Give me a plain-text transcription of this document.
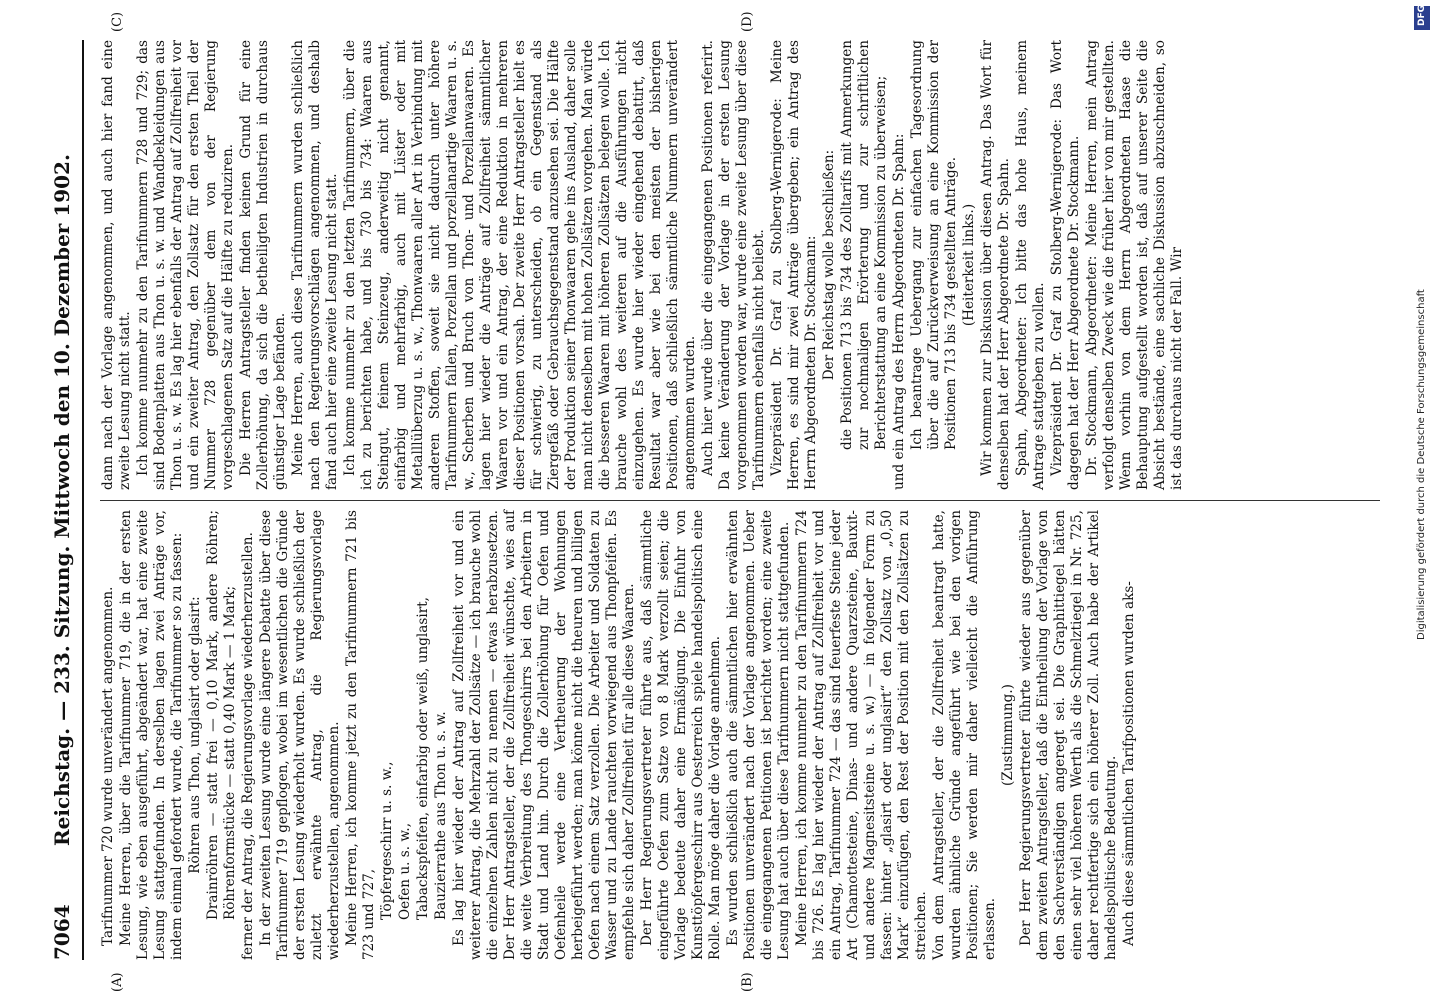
7064
Reichstag. — 233. Sitzung. Mittwoch den 10. Dezember 1902.
(A)	(B)
(C)	(D)

Tarifnummer 720 wurde unverändert angenommen. Meine Herren, über die Tarifnummer 719, die in der ersten Lesung, wie eben ausgeführt, abgeändert war, hat eine zweite Lesung stattgefunden. In derselben lagen zwei Anträge vor, indem einmal gefordert wurde, die Tarifnummer so zu fassen: Röhren aus Thon, unglasirt oder glasirt: Drainröhren — statt frei — 0,10 Mark, andere Röhren; Röhrenformstücke — statt 0,40 Mark — 1 Mark; ferner der Antrag, die Regierungsvorlage wiederherzustellen. In der zweiten Lesung wurde eine längere Debatte über diese Tarifnummer 719 gepflogen, wobei im wesentlichen die Gründe der ersten Lesung wiederholt wurden. Es wurde schließlich der zuletzt erwähnte Antrag, die Regierungsvorlage wiederherzustellen, angenommen. Meine Herren, ich komme jetzt zu den Tarifnummern 721 bis 723 und 727, Töpfergeschirr u. s. w., Oefen u. s. w., Tabackspfeifen, einfarbig oder weiß, unglasirt, Bauzierrathe aus Thon u. s. w. Es lag hier wieder der Antrag auf Zollfreiheit vor und ein weiterer Antrag, die Mehrzahl der Zollsätze — ich brauche wohl die einzelnen Zahlen nicht zu nennen — etwas herabzusetzen. Der Herr Antragsteller, der die Zollfreiheit wünschte, wies auf die weite Verbreitung des Thongeschirrs bei den Arbeitern in Stadt und Land hin. Durch die Zollerhöhung für Oefen und Oefenheile werde eine Vertheuerung der Wohnungen herbeigeführt werden; man könne nicht die theuren und billigen Oefen nach einem Satz verzollen. Die Arbeiter und Soldaten zu Wasser und zu Lande rauchten vorwiegend aus Thonpfeifen. Es empfehle sich daher Zollfreiheit für alle diese Waaren. Der Herr Regierungsvertreter führte aus, daß sämmtliche eingeführte Oefen zum Satze von 8 Mark verzollt seien; die Vorlage bedeute daher eine Ermäßigung. Die Einfuhr von Kunsttöpfergeschirr aus Oesterreich spiele handelspolitisch eine Rolle. Man möge daher die Vorlage annehmen. Es wurden schließlich auch die sämmtlichen hier erwähnten Positionen unverändert nach der Vorlage angenommen. Ueber die eingegangenen Petitionen ist berichtet worden; eine zweite Lesung hat auch über diese Tarifnummern nicht stattgefunden. Meine Herren, ich komme nunmehr zu den Tarifnummern 724 bis 726. Es lag hier wieder der Antrag auf Zollfreiheit vor und ein Antrag, Tarifnummer 724 — das sind feuerfeste Steine jeder Art (Chamottesteine, Dinas- und andere Quarzsteine, Bauxit- und andere Magnesitsteine u. s. w.) — in folgender Form zu fassen: hinter „glasirt oder unglasirt“ den Zollsatz von „0,50 Mark“ einzufügen, den Rest der Position mit den Zollsätzen zu streichen. Von dem Antragsteller, der die Zollfreiheit beantragt hatte, wurden ähnliche Gründe angeführt wie bei den vorigen Positionen; Sie werden mir daher vielleicht die Anführung erlassen.

(Zustimmung.) Der Herr Regierungsvertreter führte wieder aus gegenüber dem zweiten Antragsteller, daß die Eintheilung der Vorlage von den Sachverständigen angeregt sei. Die Graphittiegel hätten einen sehr viel höheren Werth als die Schmelztiegel in Nr. 725, daher rechtfertige sich ein höherer Zoll. Auch habe der Artikel handelspolitische Bedeutung. Auch diese sämmtlichen Tarifpositionen wurden aks-

dann nach der Vorlage angenommen, und auch hier fand eine zweite Lesung nicht statt. Ich komme nunmehr zu den Tarifnummern 728 und 729; das sind Bodenplatten aus Thon u. s. w. und Wandbekleidungen aus Thon u. s. w. Es lag hier ebenfalls der Antrag auf Zollfreiheit vor und ein zweiter Antrag, den Zollsatz für den ersten Theil der Nummer 728 gegenüber dem von der Regierung vorgeschlagenen Satz auf die Hälfte zu reduziren. Die Herren Antragsteller finden keinen Grund für eine Zollerhöhung, da sich die betheiligten Industrien in durchaus günstiger Lage befänden. Meine Herren, auch diese Tarifnummern wurden schließlich nach den Regierungsvorschlägen angenommen, und deshalb fand auch hier eine zweite Lesung nicht statt. Ich komme nunmehr zu den letzten Tarifnummern, über die ich zu berichten habe, und bis 730 bis 734: Waaren aus Steingut, feinem Steinzeug, anderweitig nicht genannt, einfarbig und mehrfarbig, auch mit Lüster oder mit Metalllüberzug u. s. w., Thonwaaren aller Art in Verbindung mit anderen Stoffen, soweit sie nicht dadurch unter höhere Tarifnummern fallen, Porzellan und porzellanartige Waaren u. s. w., Scherben und Bruch von Thon- und Porzellanwaaren. Es lagen hier wieder die Anträge auf Zollfreiheit sämmtlicher Waaren vor und ein Antrag, der eine Reduktion in mehreren dieser Positionen vorsah. Der zweite Herr Antragsteller hielt es für schwierig, zu unterscheiden, ob ein Gegenstand als Ziergefäß oder Gebrauchsgegenstand anzusehen sei. Die Hälfte der Produktion seiner Thonwaaren gehe ins Ausland, daher solle man nicht denselben mit hohen Zollsätzen vorgehen. Man würde die besseren Waaren mit höheren Zollsätzen belegen wolle. Ich brauche wohl des weiteren auf die Ausführungen nicht einzugehen. Es wurde hier wieder eingehend debattirt, daß Resultat war aber wie bei den meisten der bisherigen Positionen, daß schließlich sämmtliche Nummern unverändert angenommen wurden. Auch hier wurde über die eingegangenen Positionen referirt. Da keine Veränderung der Vorlage in der ersten Lesung vorgenommen worden war, wurde eine zweite Lesung über diese Tarifnummern ebenfalls nicht beliebt. Vizepräsident Dr. Graf zu Stolberg-Wernigerode: Meine Herren, es sind mir zwei Anträge übergeben; ein Antrag des Herrn Abgeordneten Dr. Stockmann: Der Reichstag wolle beschließen: die Positionen 713 bis 734 des Zolltarifs mit Anmerkungen zur nochmaligen Erörterung und zur schriftlichen Berichterstattung an eine Kommission zu überweisen; und ein Antrag des Herrn Abgeordneten Dr. Spahn: Ich beantrage Uebergang zur einfachen Tagesordnung über die auf Zurückverweisung an eine Kommission der Positionen 713 bis 734 gestellten Anträge. (Heiterkeit links.) Wir kommen zur Diskussion über diesen Antrag. Das Wort für denselben hat der Herr Abgeordnete Dr. Spahn. Spahn, Abgeordneter: Ich bitte das hohe Haus, meinem Antrage stattgeben zu wollen. Vizepräsident Dr. Graf zu Stolberg-Wernigerode: Das Wort dagegen hat der Herr Abgeordnete Dr. Stockmann. Dr. Stockmann, Abgeordneter: Meine Herren, mein Antrag verfolgt denselben Zweck wie die früher hier von mir gestellten. Wenn vorhin von dem Herrn Abgeordneten Haase die Behauptung aufgestellt worden ist, daß auf unserer Seite die Absicht bestände, eine sachliche Diskussion abzuschneiden, so ist das durchaus nicht der Fall. Wir

DFG
Digitalisierung gefördert durch die Deutsche Forschungsgemeinschaft
